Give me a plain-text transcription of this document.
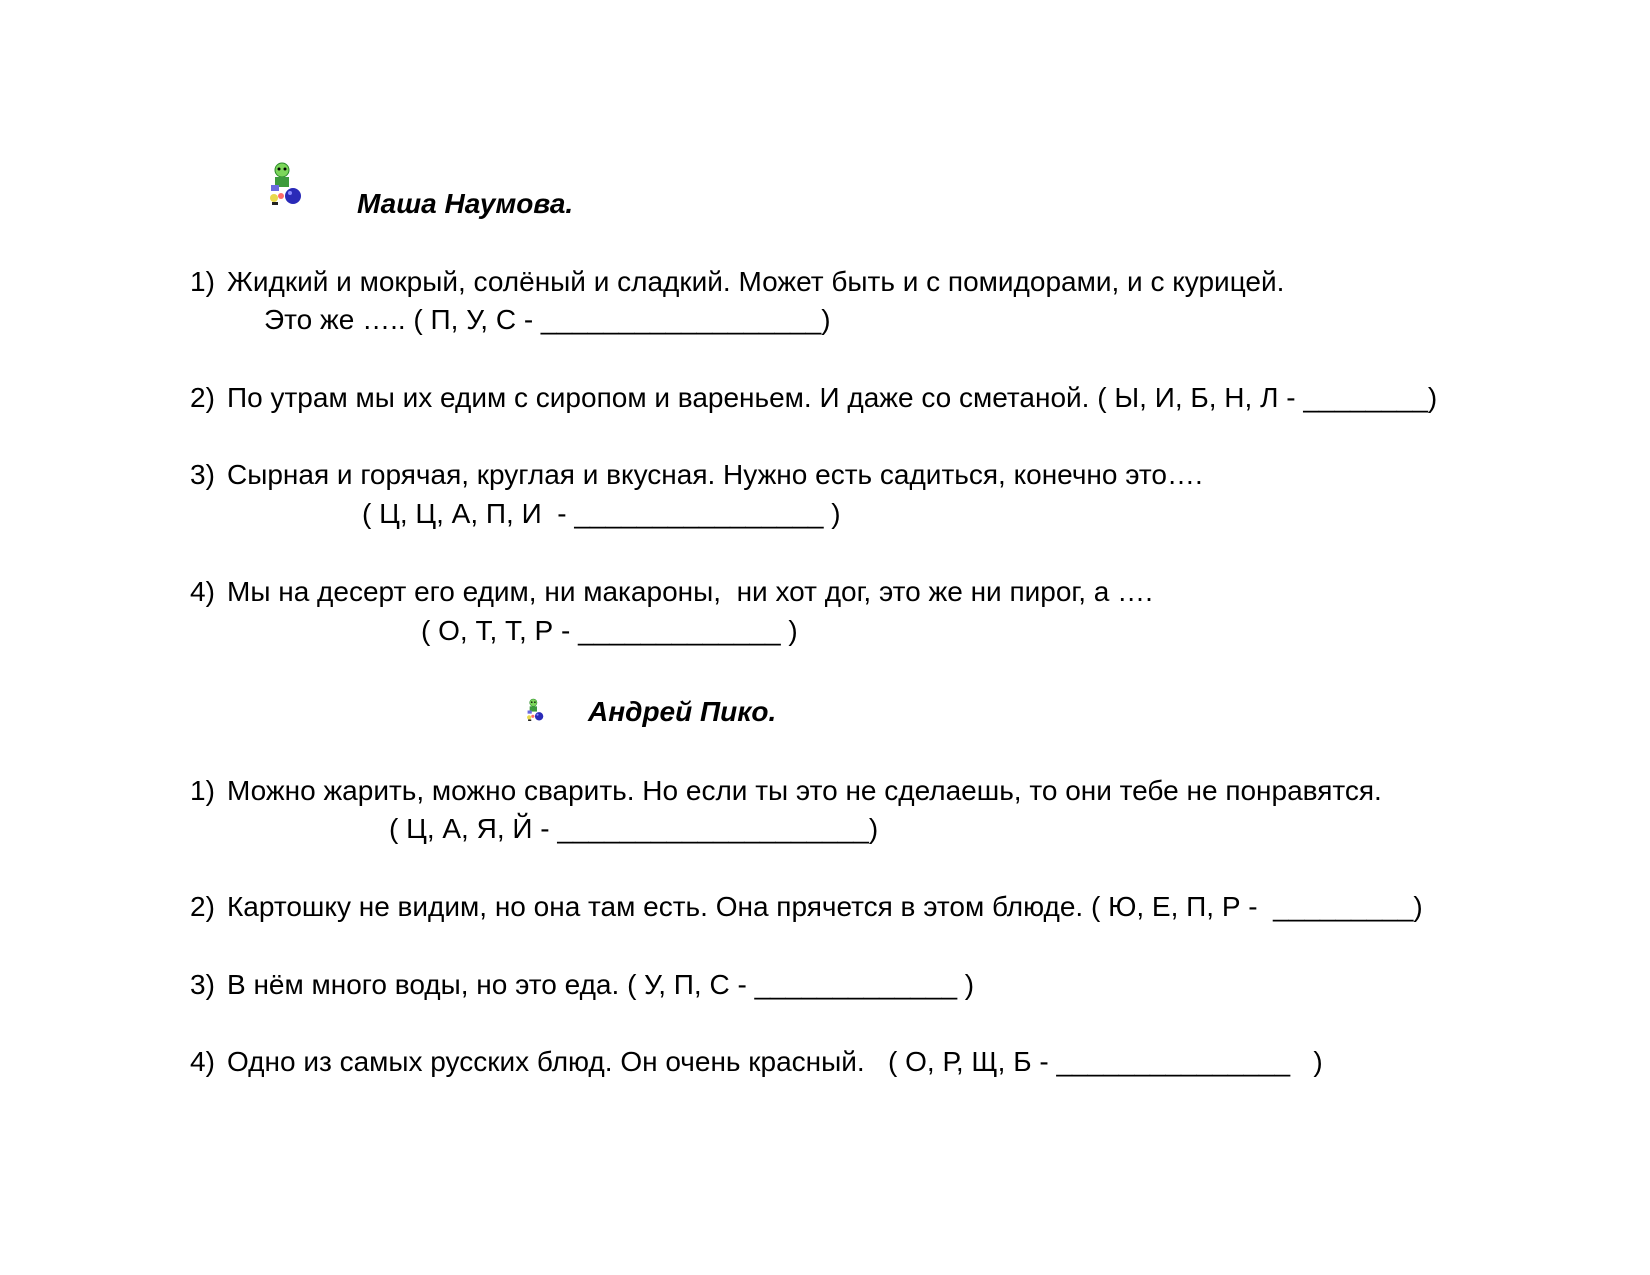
Маша Наумова.
1) Жидкий и мокрый, солёный и сладкий. Может быть и с помидорами, и с курицей.
Это же ….. ( П, У, С - __________________)
2) По утрам мы их едим с сиропом и вареньем. И даже со сметаной. ( Ы, И, Б, Н, Л - ________)
3) Сырная и горячая, круглая и вкусная. Нужно есть садиться, конечно это….
( Ц, Ц, А, П, И  - ________________ )
4) Мы на десерт его едим, ни макароны,  ни хот дог, это же ни пирог, а ….
( О, Т, Т, Р - _____________ )
Андрей Пико.
1) Можно жарить, можно сварить. Но если ты это не сделаешь, то они тебе не понравятся.
( Ц, А, Я, Й - ____________________)
2) Картошку не видим, но она там есть. Она прячется в этом блюде. ( Ю, Е, П, Р -  _________)
3) В нём много воды, но это еда. ( У, П, С - _____________ )
4) Одно из самых русских блюд. Он очень красный.   ( О, Р, Щ, Б - _______________   )
